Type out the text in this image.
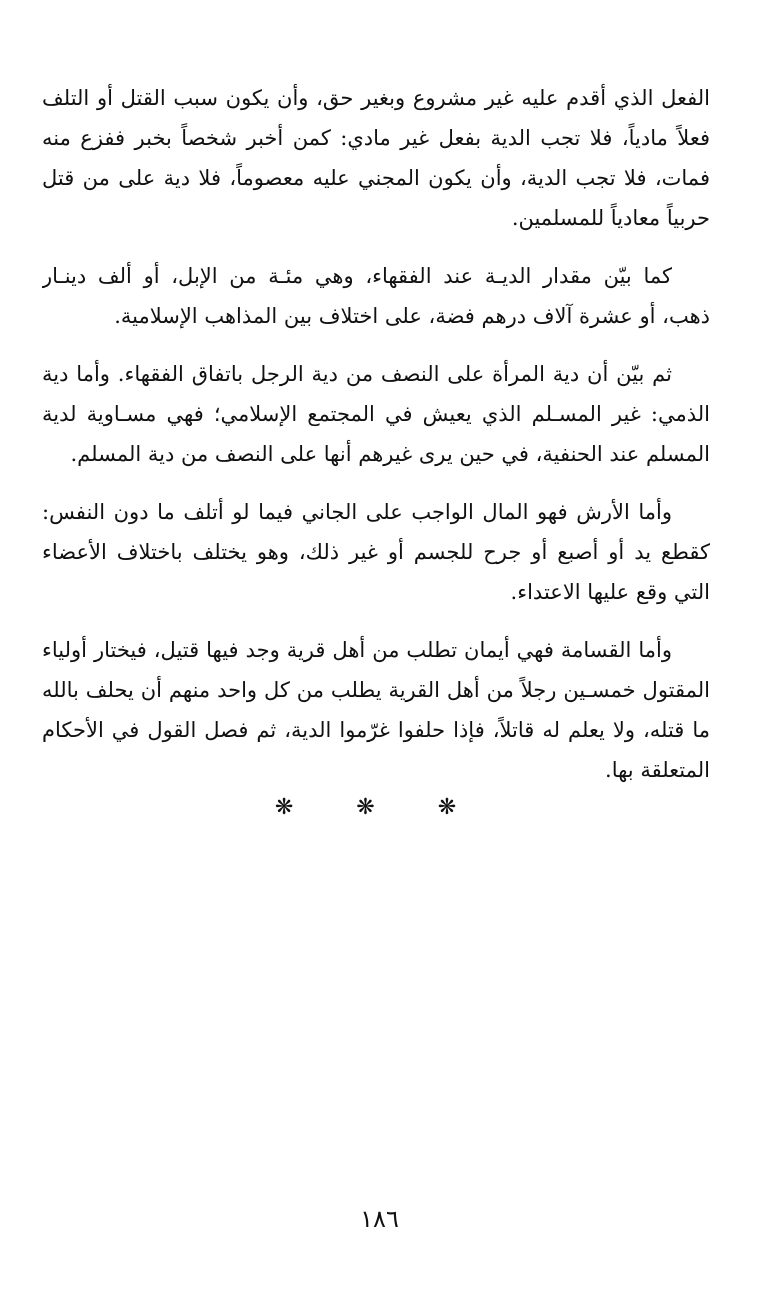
الفعل الذي أقدم عليه غير مشروع وبغير حق، وأن يكون سبب القتل أو التلف
فعلاً مادياً، فلا تجب الدية بفعل غير مادي: كمن أخبر شخصاً بخبر ففزع منه
فمات، فلا تجب الدية، وأن يكون المجني عليه معصوماً، فلا دية على من قتل
حربياً معادياً للمسلمين.

كما بيّن مقدار الديـة عند الفقهاء، وهي مئـة من الإبل، أو ألف دينـار
ذهب، أو عشرة آلاف درهم فضة، على اختلاف بين المذاهب الإسلامية.

ثم بيّن أن دية المرأة على النصف من دية الرجل باتفاق الفقهاء. وأما دية
الذمي: غير المسـلم الذي يعيش في المجتمع الإسلامي؛ فهي مسـاوية لدية
المسلم عند الحنفية، في حين يرى غيرهم أنها على النصف من دية المسلم.

وأما الأرش فهو المال الواجب على الجاني فيما لو أتلف ما دون النفس:
كقطع يد أو أصبع أو جرح للجسم أو غير ذلك، وهو يختلف باختلاف الأعضاء
التي وقع عليها الاعتداء.

وأما القسامة فهي أيمان تطلب من أهل قرية وجد فيها قتيل، فيختار أولياء
المقتول خمسـين رجلاً من أهل القرية يطلب من كل واحد منهم أن يحلف بالله
ما قتله، ولا يعلم له قاتلاً، فإذا حلفوا غرّموا الدية، ثم فصل القول في الأحكام
المتعلقة بها.

❋ ❋ ❋
١٨٦
